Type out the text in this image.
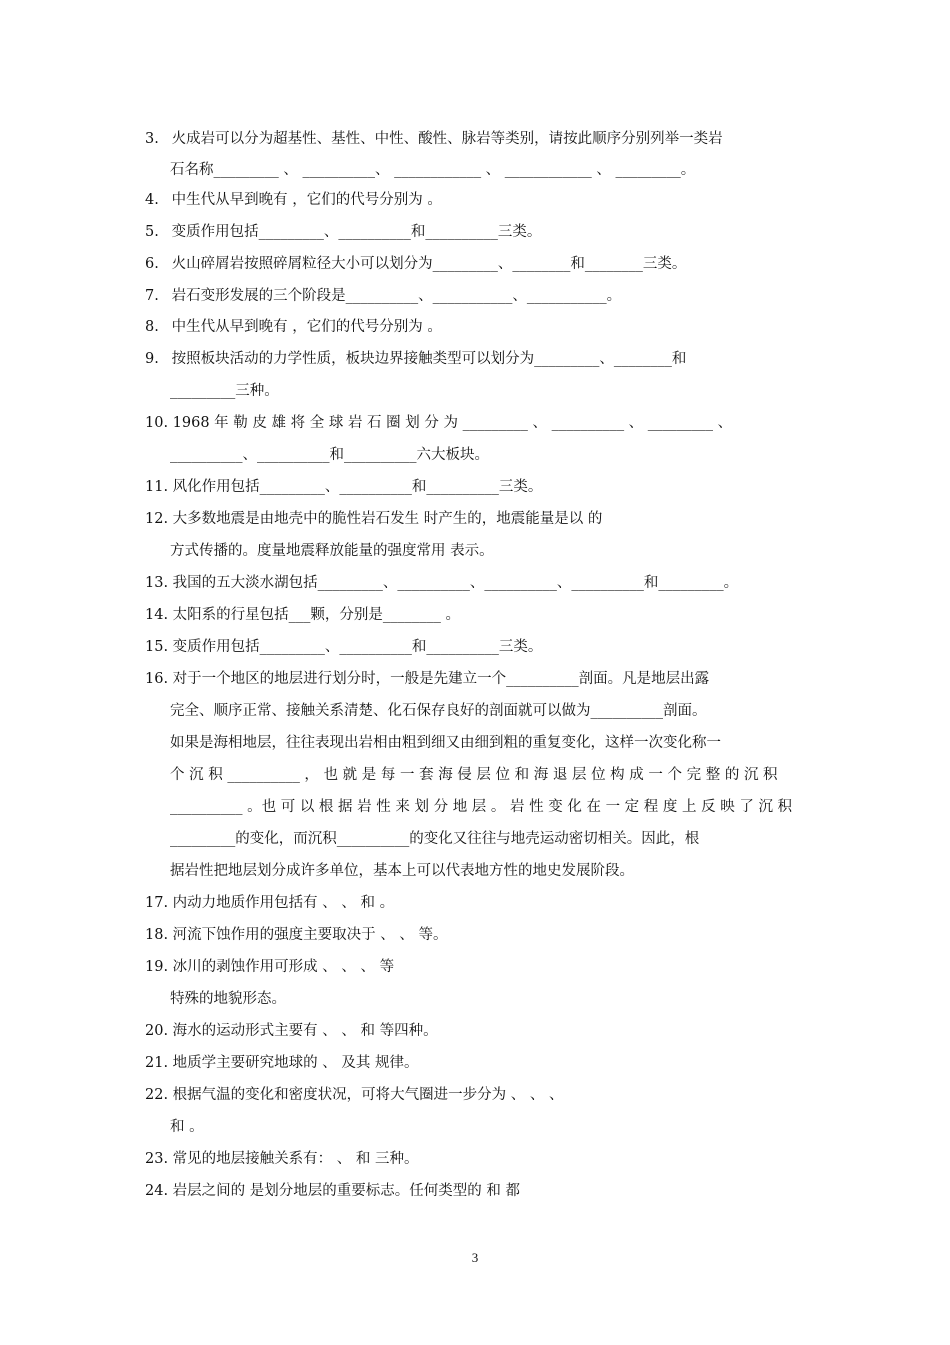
3. 火成岩可以分为超基性、基性、中性、酸性、脉岩等类别，请按此顺序分别列举一类岩
石名称_________ 、 __________、 ____________ 、 ____________ 、 _________。
4. 中生代从早到晚有 ，它们的代号分别为 。
5. 变质作用包括_________、__________和__________三类。
6. 火山碎屑岩按照碎屑粒径大小可以划分为_________、________和________三类。
7. 岩石变形发展的三个阶段是__________、___________、___________。
8. 中生代从早到晚有 ，它们的代号分别为 。
9. 按照板块活动的力学性质，板块边界接触类型可以划分为_________、________和
_________三种。
10. 1968 年 勒 皮 雄 将 全 球 岩 石 圈 划 分 为 _________ 、 __________ 、 _________ 、
__________、__________和__________六大板块。
11. 风化作用包括_________、__________和__________三类。
12. 大多数地震是由地壳中的脆性岩石发生 时产生的，地震能量是以 的
方式传播的。度量地震释放能量的强度常用 表示。
13. 我国的五大淡水湖包括_________、__________、__________、__________和_________。
14. 太阳系的行星包括___颗，分别是________ 。
15. 变质作用包括_________、__________和__________三类。
16. 对于一个地区的地层进行划分时，一般是先建立一个__________剖面。凡是地层出露
完全、顺序正常、接触关系清楚、化石保存良好的剖面就可以做为__________剖面。
如果是海相地层，往往表现出岩相由粗到细又由细到粗的重复变化，这样一次变化称一
个 沉 积 __________ ， 也 就 是 每 一 套 海 侵 层 位 和 海 退 层 位 构 成 一 个 完 整 的 沉 积
__________ 。也 可 以 根 据 岩 性 来 划 分 地 层 。 岩 性 变 化 在 一 定 程 度 上 反 映 了 沉 积
_________的变化，而沉积__________的变化又往往与地壳运动密切相关。因此，根
据岩性把地层划分成许多单位，基本上可以代表地方性的地史发展阶段。
17. 内动力地质作用包括有 、 、 和 。
18. 河流下蚀作用的强度主要取决于 、 、 等。
19. 冰川的剥蚀作用可形成 、 、 、 等
特殊的地貌形态。
20. 海水的运动形式主要有 、 、 和 等四种。
21. 地质学主要研究地球的 、 及其 规律。
22. 根据气温的变化和密度状况，可将大气圈进一步分为 、 、 、
和 。
23. 常见的地层接触关系有： 、 和 三种。
24. 岩层之间的 是划分地层的重要标志。任何类型的 和 都
3
